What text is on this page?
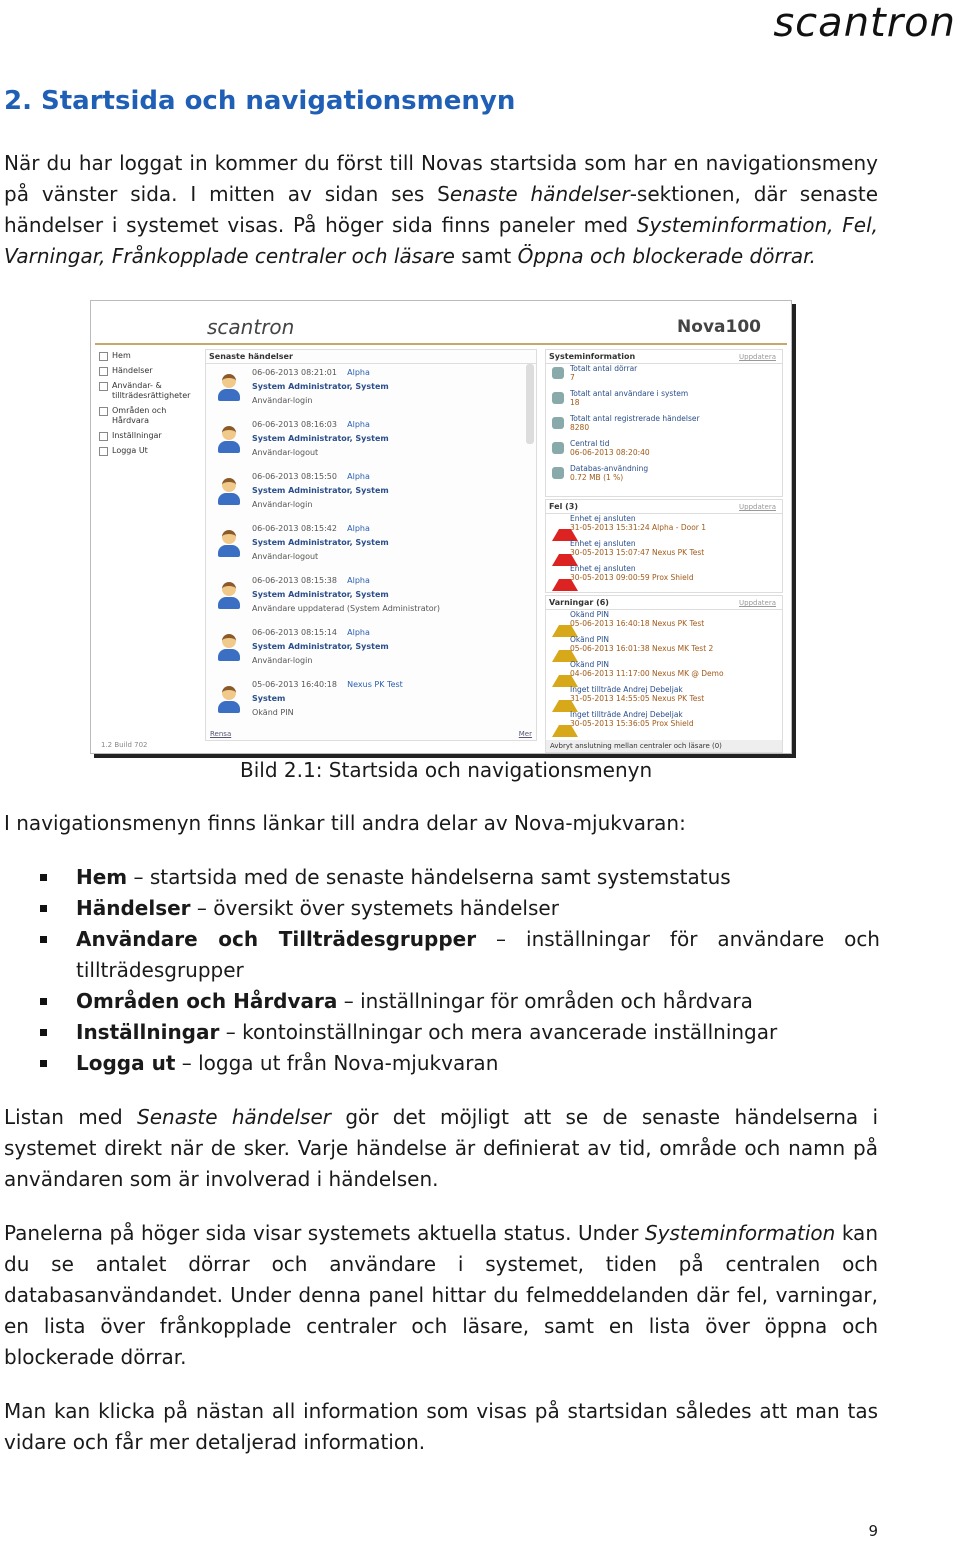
scantron
2. Startsida och navigationsmenyn

När du har loggat in kommer du först till Novas startsida som har en navigationsmeny på vänster sida. I mitten av sidan ses Senaste händelser-sektionen, där senaste händelser i systemet visas. På höger sida finns paneler med Systeminformation, Fel, Varningar, Frånkopplade centraler och läsare samt Öppna och blockerade dörrar.

scantron	Nova100
Hem
Händelser
Användar- & tillträdesrättigheter
Områden och Hårdvara
Inställningar
Logga Ut
Senaste händelser
06-06-2013 08:21:01 Alpha
System Administrator, System
Användar-login
06-06-2013 08:16:03 Alpha
System Administrator, System
Användar-logout
06-06-2013 08:15:50 Alpha
System Administrator, System
Användar-login
06-06-2013 08:15:42 Alpha
System Administrator, System
Användar-logout
06-06-2013 08:15:38 Alpha
System Administrator, System
Användare uppdaterad (System Administrator)
06-06-2013 08:15:14 Alpha
System Administrator, System
Användar-login
05-06-2013 16:40:18 Nexus PK Test
System
Okänd PIN
Rensa	Mer
1.2 Build 702
Systeminformation	Uppdatera
Totalt antal dörrar
7
Totalt antal användare i system
18
Totalt antal registrerade händelser
8280
Central tid
06-06-2013 08:20:40
Databas-användning
0.72 MB (1 %)
Fel (3)	Uppdatera
Enhet ej ansluten
31-05-2013 15:31:24 Alpha - Door 1
Enhet ej ansluten
30-05-2013 15:07:47 Nexus PK Test
Enhet ej ansluten
30-05-2013 09:00:59 Prox Shield
Varningar (6)	Uppdatera
Okänd PIN
05-06-2013 16:40:18 Nexus PK Test
Okänd PIN
05-06-2013 16:01:38 Nexus MK Test 2
Okänd PIN
04-06-2013 11:17:00 Nexus MK @ Demo
Inget tillträde Andrej Debeljak
31-05-2013 14:55:05 Nexus PK Test
Inget tillträde Andrej Debeljak
30-05-2013 15:36:05 Prox Shield
Avbryt anslutning mellan centraler och läsare (0)
Bild 2.1: Startsida och navigationsmenyn

I navigationsmenyn finns länkar till andra delar av Nova-mjukvaran:

Hem – startsida med de senaste händelserna samt systemstatus
Händelser – översikt över systemets händelser
Användare och Tillträdesgrupper – inställningar för användare och tillträdesgrupper
Områden och Hårdvara – inställningar för områden och hårdvara
Inställningar – kontoinställningar och mera avancerade inställningar
Logga ut – logga ut från Nova-mjukvaran

Listan med Senaste händelser gör det möjligt att se de senaste händelserna i systemet direkt när de sker. Varje händelse är definierat av tid, område och namn på användaren som är involverad i händelsen.

Panelerna på höger sida visar systemets aktuella status. Under Systeminformation kan du se antalet dörrar och användare i systemet, tiden på centralen och databasanvändandet. Under denna panel hittar du felmeddelanden där fel, varningar, en lista över frånkopplade centraler och läsare, samt en lista över öppna och blockerade dörrar.

Man kan klicka på nästan all information som visas på startsidan således att man tas vidare och får mer detaljerad information.

9
